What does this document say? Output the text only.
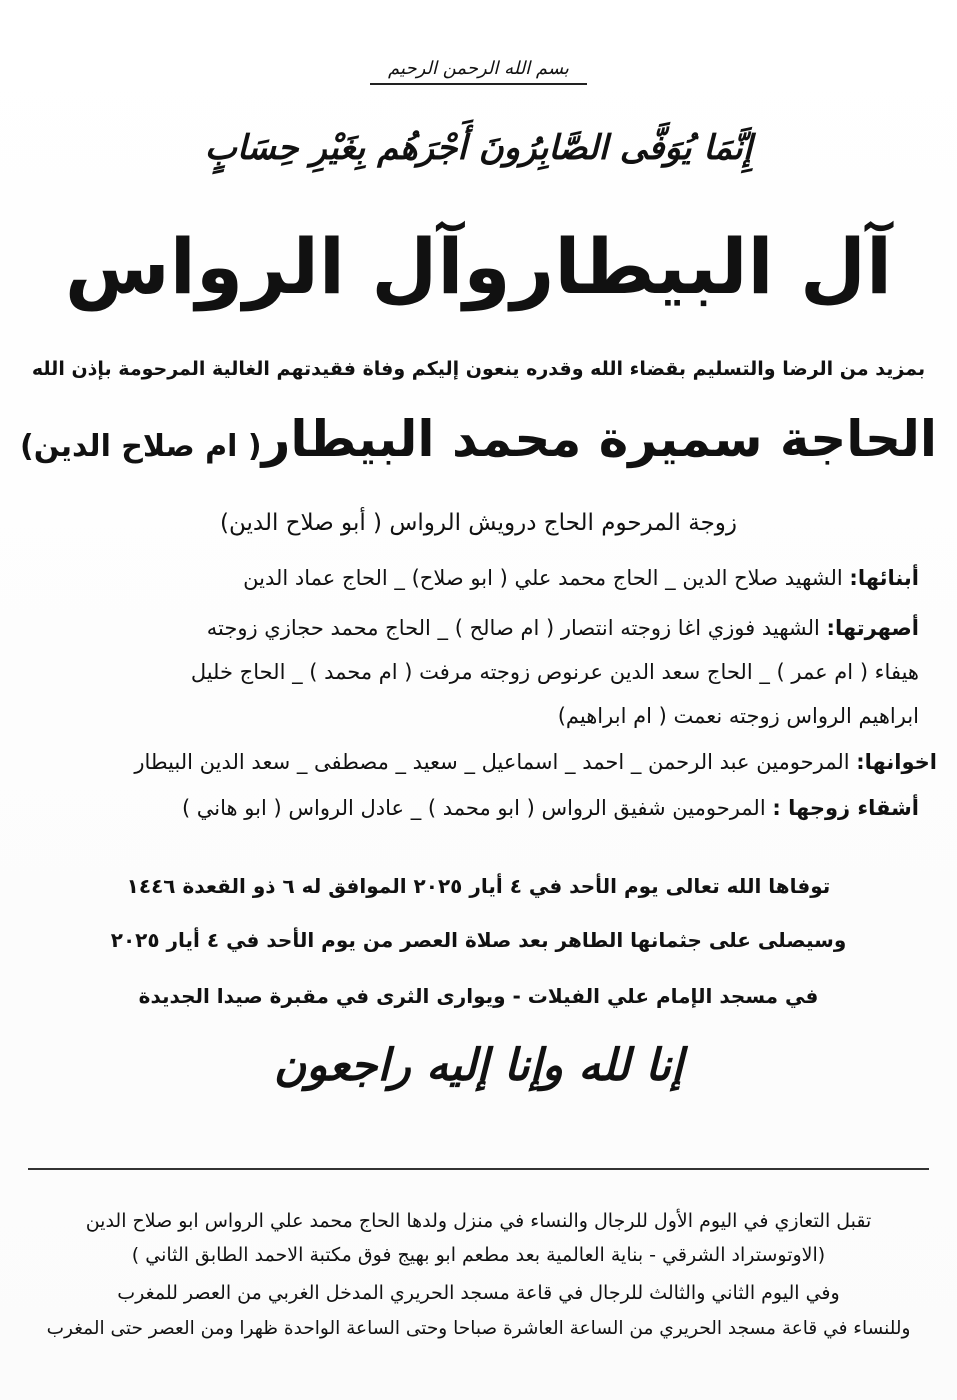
بسم الله الرحمن الرحيم
إِنَّمَا يُوَفَّى الصَّابِرُونَ أَجْرَهُم بِغَيْرِ حِسَابٍ
آل البيطاروآل الرواس
بمزيد من الرضا والتسليم بقضاء الله وقدره ينعون إليكم وفاة فقيدتهم الغالية المرحومة بإذن الله
الحاجة سميرة محمد البيطار( ام صلاح الدين)
زوجة المرحوم الحاج درويش الرواس ( أبو صلاح الدين)
أبنائها: الشهيد صلاح الدين _ الحاج محمد علي ( ابو صلاح) _ الحاج عماد الدين
أصهرتها: الشهيد فوزي اغا زوجته انتصار ( ام صالح ) _ الحاج محمد حجازي زوجته
هيفاء ( ام عمر ) _ الحاج سعد الدين عرنوص زوجته مرفت ( ام محمد ) _ الحاج خليل
ابراهيم الرواس زوجته نعمت ( ام ابراهيم)
اخوانها: المرحومين عبد الرحمن _ احمد _ اسماعيل _ سعيد _ مصطفى _ سعد الدين البيطار
أشقاء زوجها : المرحومين شفيق الرواس ( ابو محمد ) _ عادل الرواس ( ابو هاني )
توفاها الله تعالى يوم الأحد في ٤ أيار ٢٠٢٥ الموافق له ٦ ذو القعدة ١٤٤٦
وسيصلى على جثمانها الطاهر بعد صلاة العصر من يوم الأحد في ٤ أيار ٢٠٢٥
في مسجد الإمام علي الفيلات - ويوارى الثرى في مقبرة صيدا الجديدة
إنا لله وإنا إليه راجعون
تقبل التعازي في اليوم الأول للرجال والنساء في منزل ولدها الحاج محمد علي الرواس ابو صلاح الدين
(الاوتوستراد الشرقي - بناية العالمية بعد مطعم ابو بهيج فوق مكتبة الاحمد الطابق الثاني )
وفي اليوم الثاني والثالث للرجال في قاعة مسجد الحريري المدخل الغربي من العصر للمغرب
وللنساء في قاعة مسجد الحريري من الساعة العاشرة صباحا وحتى الساعة الواحدة ظهرا ومن العصر حتى المغرب
